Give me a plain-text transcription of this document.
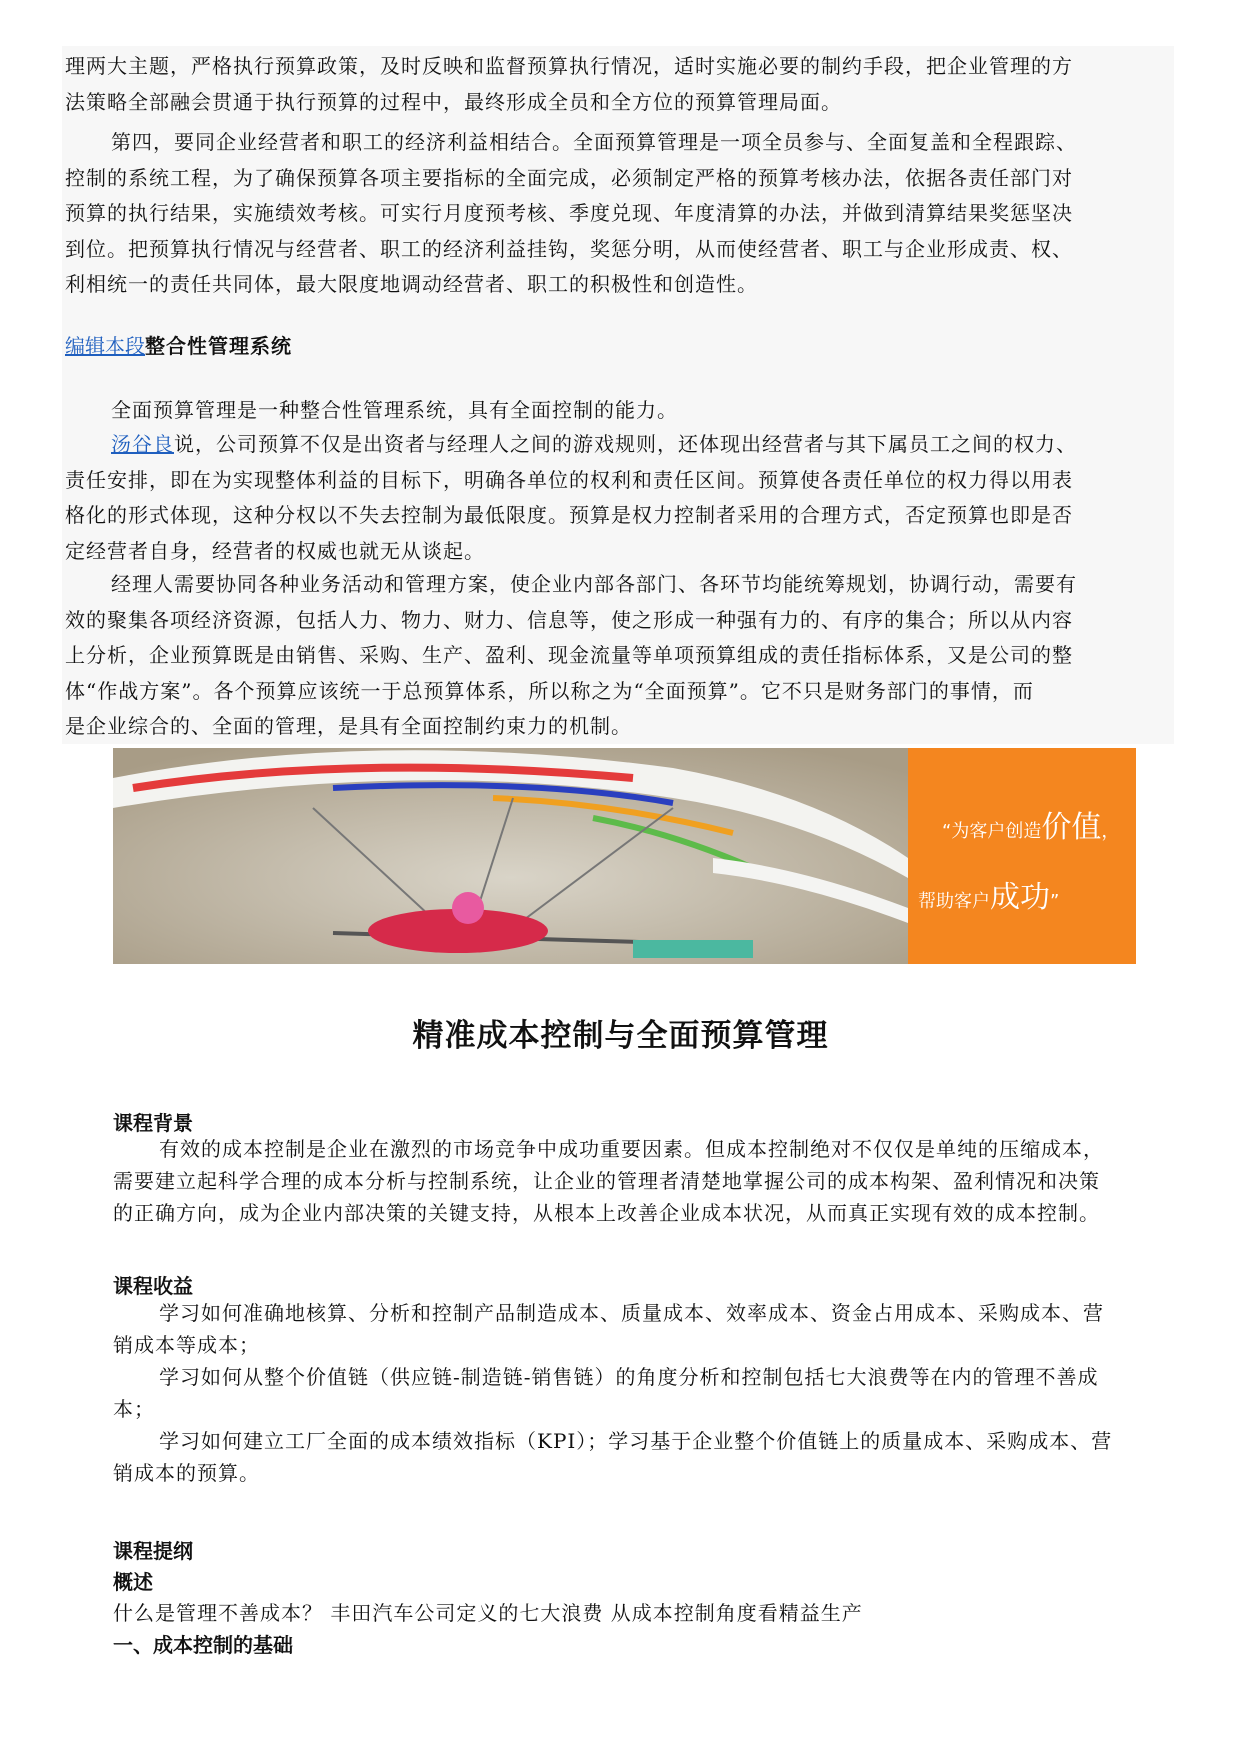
理两大主题，严格执行预算政策，及时反映和监督预算执行情况，适时实施必要的制约手段，把企业管理的方
法策略全部融会贯通于执行预算的过程中，最终形成全员和全方位的预算管理局面。
第四，要同企业经营者和职工的经济利益相结合。全面预算管理是一项全员参与、全面复盖和全程跟踪、
控制的系统工程，为了确保预算各项主要指标的全面完成，必须制定严格的预算考核办法，依据各责任部门对
预算的执行结果，实施绩效考核。可实行月度预考核、季度兑现、年度清算的办法，并做到清算结果奖惩坚决
到位。把预算执行情况与经营者、职工的经济利益挂钩，奖惩分明，从而使经营者、职工与企业形成责、权、
利相统一的责任共同体，最大限度地调动经营者、职工的积极性和创造性。
编辑本段整合性管理系统
全面预算管理是一种整合性管理系统，具有全面控制的能力。
汤谷良说，公司预算不仅是出资者与经理人之间的游戏规则，还体现出经营者与其下属员工之间的权力、
责任安排，即在为实现整体利益的目标下，明确各单位的权利和责任区间。预算使各责任单位的权力得以用表
格化的形式体现，这种分权以不失去控制为最低限度。预算是权力控制者采用的合理方式，否定预算也即是否
定经营者自身，经营者的权威也就无从谈起。
经理人需要协同各种业务活动和管理方案，使企业内部各部门、各环节均能统筹规划，协调行动，需要有
效的聚集各项经济资源，包括人力、物力、财力、信息等，使之形成一种强有力的、有序的集合；所以从内容
上分析，企业预算既是由销售、采购、生产、盈利、现金流量等单项预算组成的责任指标体系，又是公司的整
体“作战方案”。各个预算应该统一于总预算体系，所以称之为“全面预算”。它不只是财务部门的事情，而
是企业综合的、全面的管理，是具有全面控制约束力的机制。
“为客户创造价值，
帮助客户成功”
精准成本控制与全面预算管理
课程背景
有效的成本控制是企业在激烈的市场竞争中成功重要因素。但成本控制绝对不仅仅是单纯的压缩成本，
需要建立起科学合理的成本分析与控制系统，让企业的管理者清楚地掌握公司的成本构架、盈利情况和决策
的正确方向，成为企业内部决策的关键支持，从根本上改善企业成本状况，从而真正实现有效的成本控制。
课程收益
学习如何准确地核算、分析和控制产品制造成本、质量成本、效率成本、资金占用成本、采购成本、营
销成本等成本；
学习如何从整个价值链（供应链-制造链-销售链）的角度分析和控制包括七大浪费等在内的管理不善成
本；
学习如何建立工厂全面的成本绩效指标（KPI）；学习基于企业整个价值链上的质量成本、采购成本、营
销成本的预算。
课程提纲
概述
什么是管理不善成本？ 丰田汽车公司定义的七大浪费 从成本控制角度看精益生产
一、成本控制的基础
